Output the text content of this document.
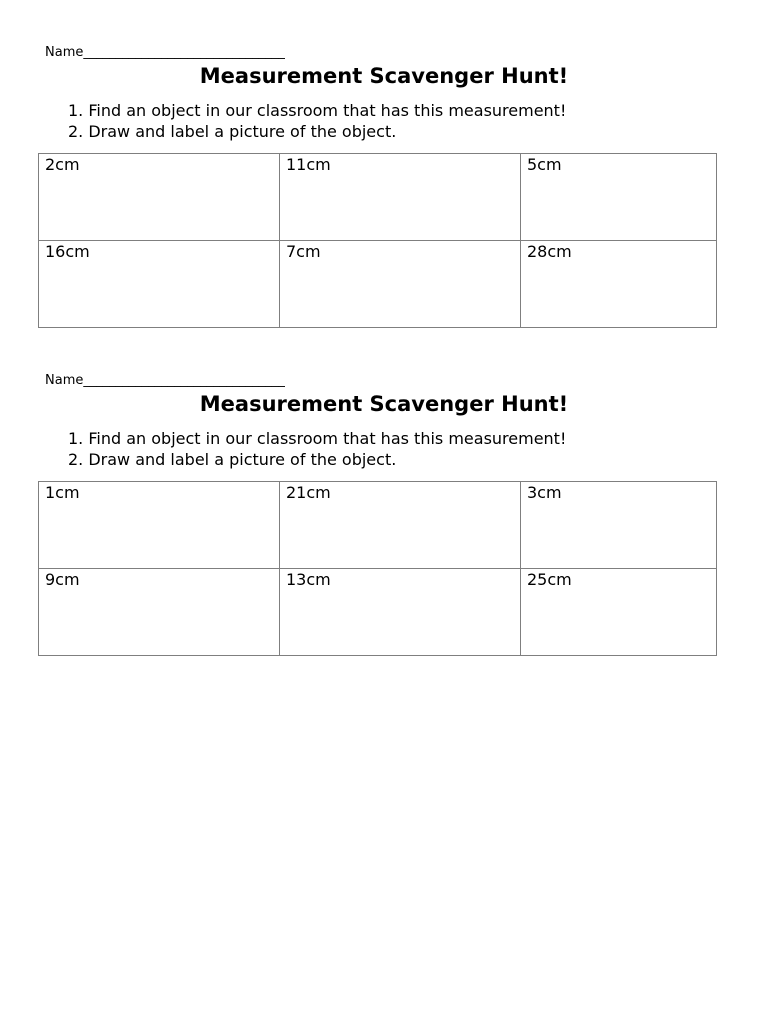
Name_______________________________
Measurement Scavenger Hunt!
1. Find an object in our classroom that has this measurement!
2. Draw and label a picture of the object.
2cm	11cm	5cm
16cm	7cm	28cm
Name_______________________________
Measurement Scavenger Hunt!
1. Find an object in our classroom that has this measurement!
2. Draw and label a picture of the object.
1cm	21cm	3cm
9cm	13cm	25cm
